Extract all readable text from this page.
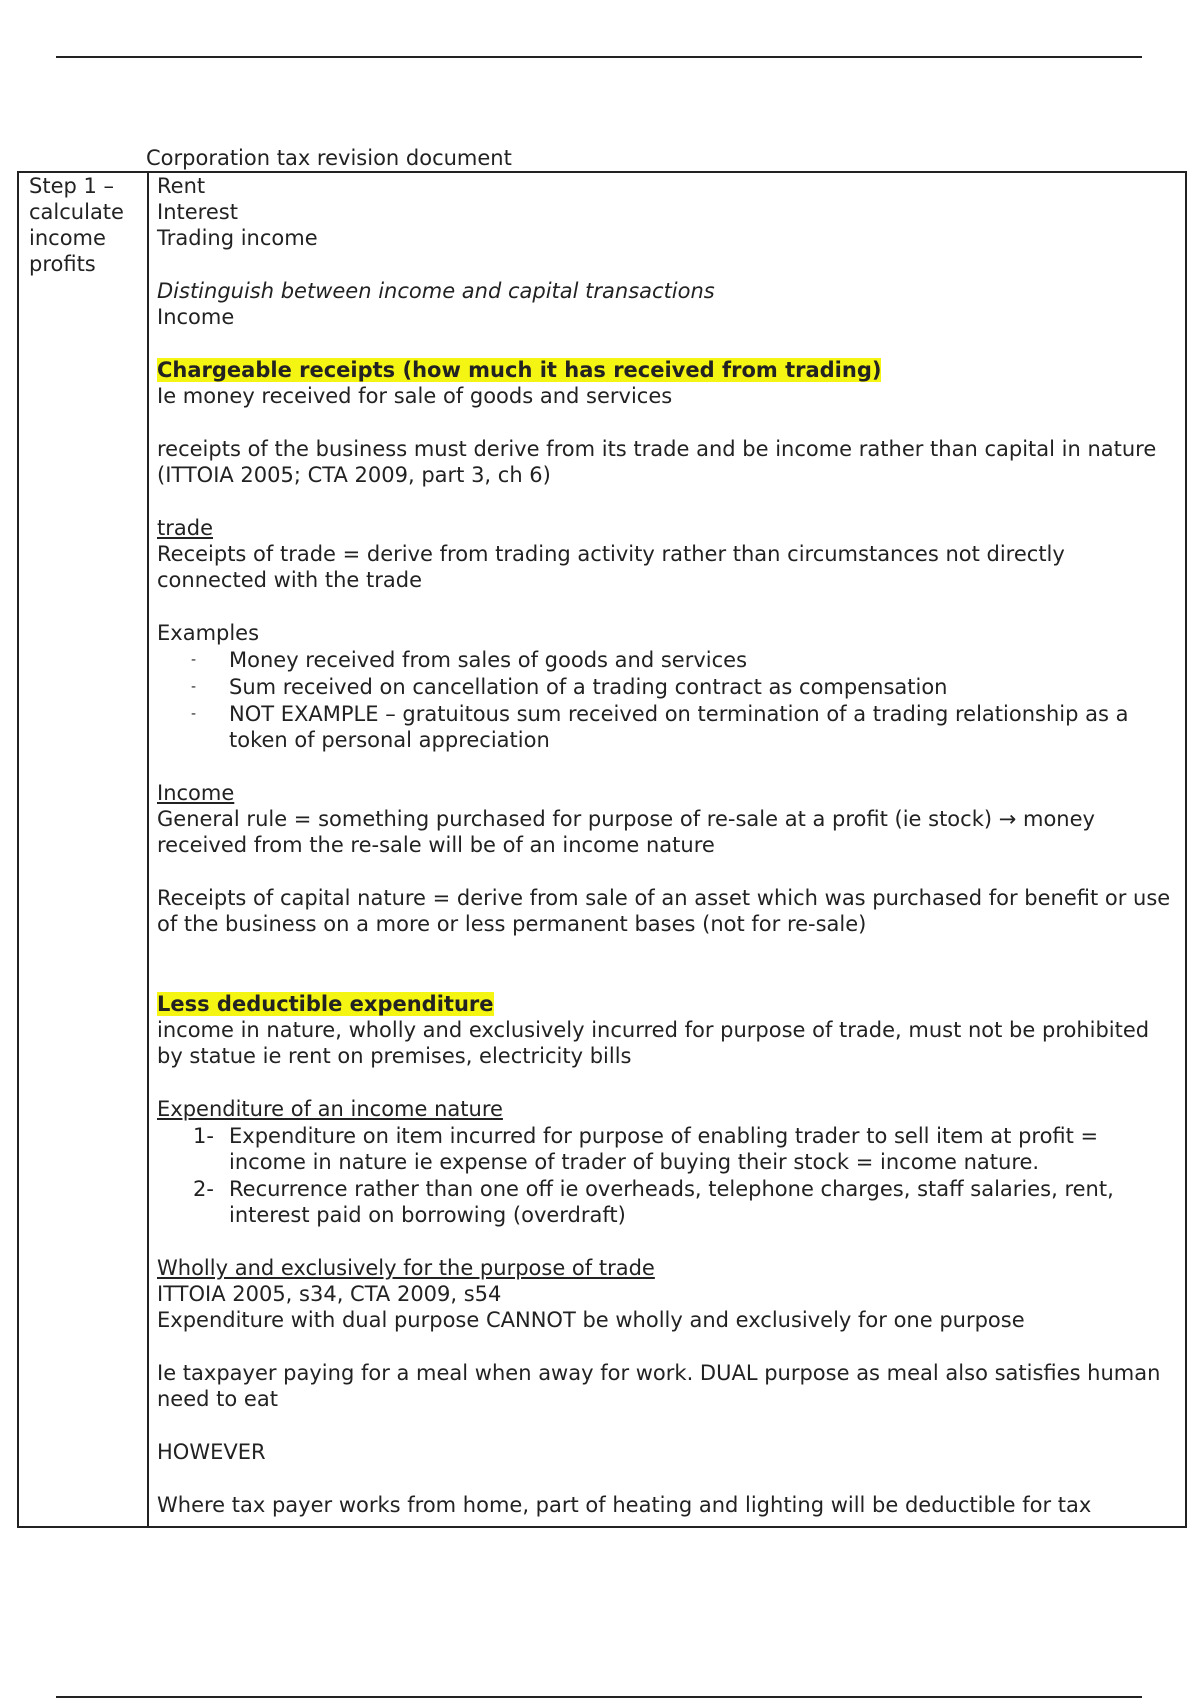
Corporation tax revision document
Step 1 – calculate income profits

Rent

Interest

Trading income

Distinguish between income and capital transactions

Income

Chargeable receipts (how much it has received from trading)

Ie money received for sale of goods and services

receipts of the business must derive from its trade and be income rather than capital in nature (ITTOIA 2005; CTA 2009, part 3, ch 6)

trade

Receipts of trade = derive from trading activity rather than circumstances not directly connected with the trade

Examples

- Money received from sales of goods and services
- Sum received on cancellation of a trading contract as compensation
- NOT EXAMPLE – gratuitous sum received on termination of a trading relationship as a token of personal appreciation

Income

General rule = something purchased for purpose of re-sale at a profit (ie stock) → money received from the re-sale will be of an income nature

Receipts of capital nature = derive from sale of an asset which was purchased for benefit or use of the business on a more or less permanent bases (not for re-sale)

Less deductible expenditure

income in nature, wholly and exclusively incurred for purpose of trade, must not be prohibited by statue ie rent on premises, electricity bills

Expenditure of an income nature

1- Expenditure on item incurred for purpose of enabling trader to sell item at profit = income in nature ie expense of trader of buying their stock = income nature.
2- Recurrence rather than one off ie overheads, telephone charges, staff salaries, rent, interest paid on borrowing (overdraft)

Wholly and exclusively for the purpose of trade

ITTOIA 2005, s34, CTA 2009, s54

Expenditure with dual purpose CANNOT be wholly and exclusively for one purpose

Ie taxpayer paying for a meal when away for work. DUAL purpose as meal also satisfies human need to eat

HOWEVER

Where tax payer works from home, part of heating and lighting will be deductible for tax
